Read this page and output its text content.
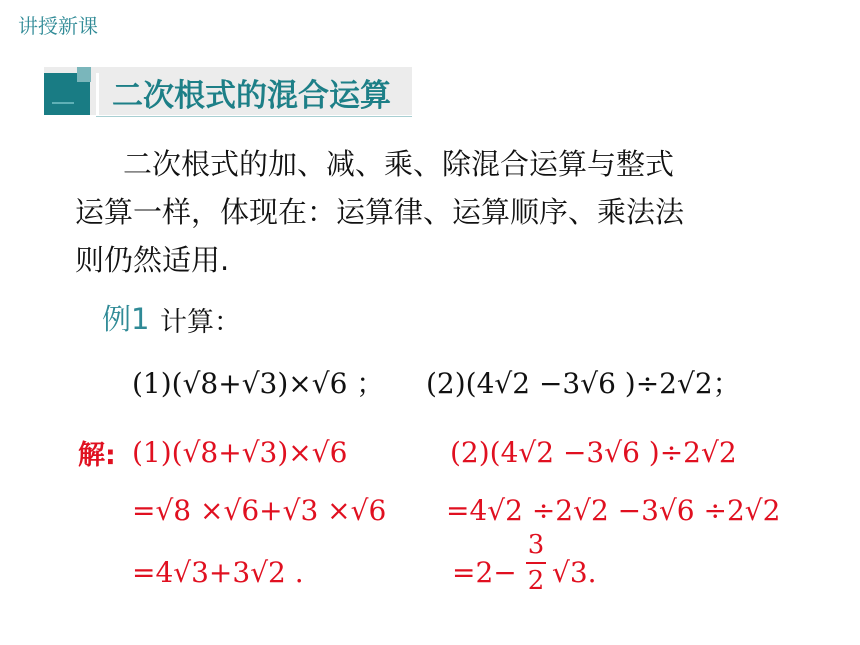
讲授新课
二次根式的混合运算
二次根式的加、减、乘、除混合运算与整式
运算一样，体现在：运算律、运算顺序、乘法法
则仍然适用.
例1 计算：
(1)(√8+√3)×√6 ； (2)(4√2 −3√6 )÷2√2；
解: (1)(√8+√3)×√6
=√8 ×√6+√3 ×√6
=4√3+3√2 .
(2)(4√2 −3√6 )÷2√2
=4√2 ÷2√2 −3√6 ÷2√2
=2−
3
2 √3.
